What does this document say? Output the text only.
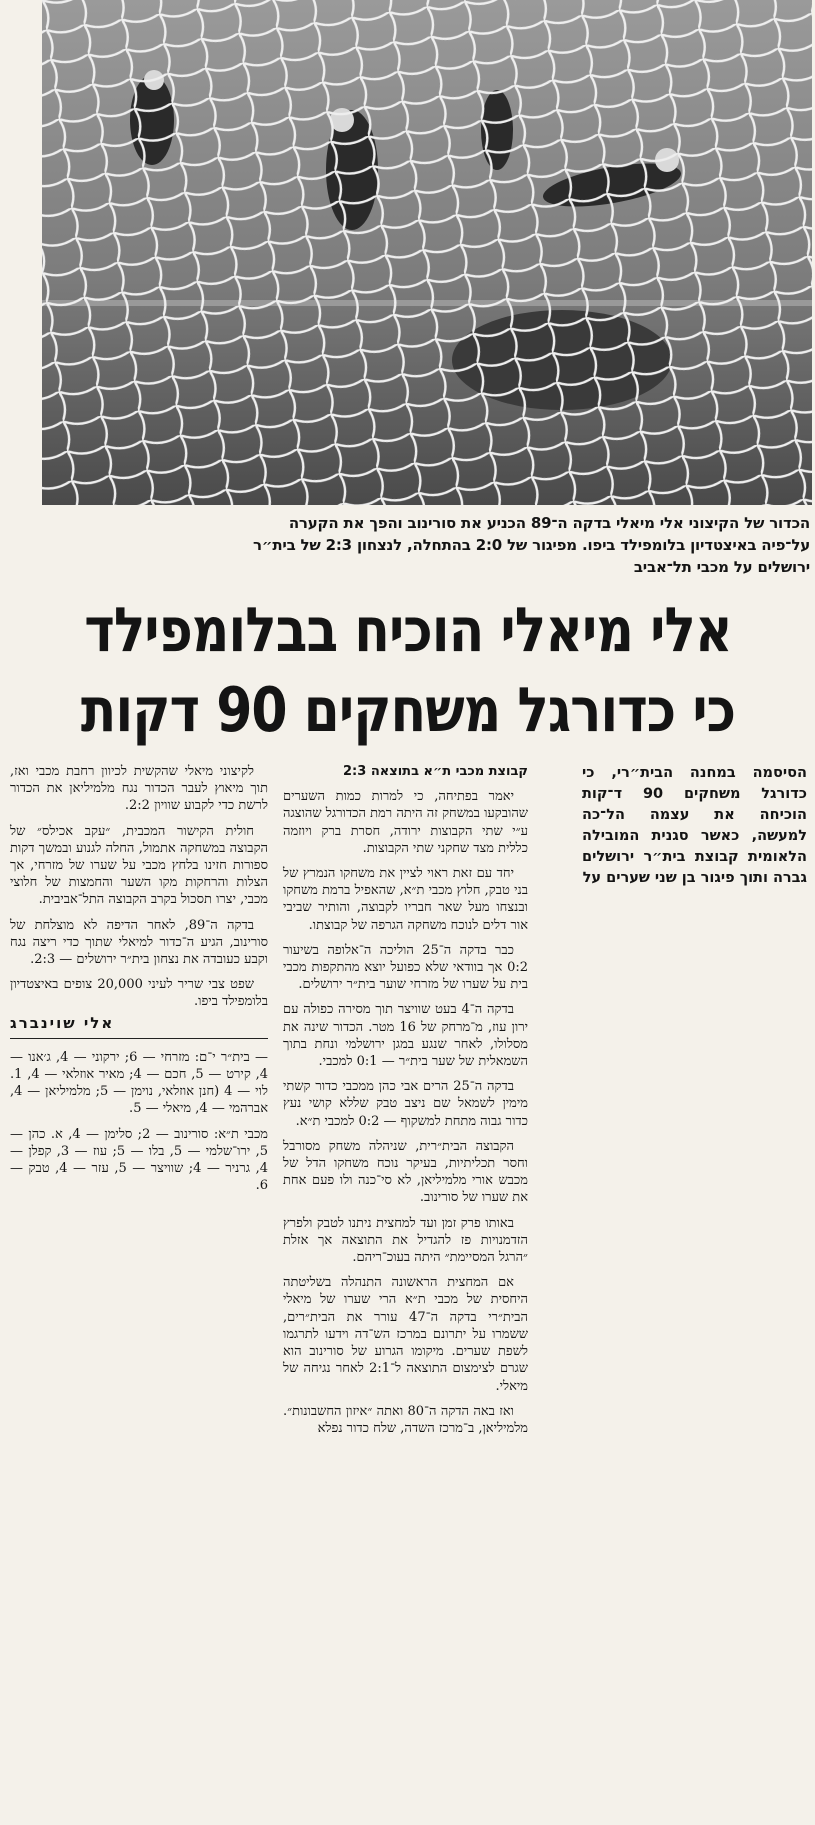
הכדור של הקיצוני אלי מיאלי בדקה ה־89 הכניע את סורינוב והפך את הקערה
על־פיה באיצטדיון בלומפילד ביפו. מפיגור של 2:0 בהתחלה, לנצחון 2:3 של בית״ר
ירושלים על מכבי תל־אביב
אלי מיאלי הוכיח בבלומפילד
כי כדורגל משחקים 90 דקות

הסיסמה במחנה הבית״רי, כי כדורגל משחקים 90 ד־קות הוכיחה את עצמה הל־כה למעשה, כאשר סגנית המובילה הלאומית קבוצת בית״ר ירושלים גברה ותוך פיגור בן שני שערים על

קבוצת מכבי ת״א בתוצאה 2:3

יאמר בפתיחה, כי למרות כמות השערים שהובקעו במשחק זה היתה רמת הכדורגל שהוצגה ע״י שתי הקבוצות ירודה, חסרת ברק ויוזמה כללית מצד שחקני שתי הקבוצות.

יחד עם זאת ראוי לציין את משחקו הנמרץ של בני טבק, חלוץ מכבי ת״א, שהאפיל ברמת משחקו ובנצחו מעל שאר חבריו לקבוצה, והותיר שביבי אור דלים לנוכח משחקה הגרפה של קבוצתו.

כבר בדקה ה־25 הוליכה ה־אלופה בשיעור 0:2 אך בוודאי שלא כפועל יוצא מהתקפות מכבי בית על שערו של מזרחי שוער בית״ר ירושלים.

בדקה ה־4 בעט שוויצר תוך מסירה כפולה עם ירון עוז, מ־מרחק של 16 מטר. הכדור שינה את מסלולו, לאחר שנגע במגן ירושלמי ונחת בתוך השמאלית של שער בית״ר — 0:1 למכבי.

בדקה ה־25 הרים אבי כהן ממכבי כדור קשתי מימין לשמאל שם ניצב טבק שללא קושי נעץ כדור גבוה מתחת למשקוף — 0:2 למכבי ת״א.

הקבוצה הבית״רית, שניהלה משחק מסורבל וחסר תכליתיות, בעיקר נוכח משחקו הדל של מכבש אורי מלמיליאן, לא סי־כנה ולו פעם אחת את שערו של סורינוב.

באותו פרק זמן ועד למחצית ניתנו לטבק ולפרץ הזדמנויות פז להגדיל את התוצאה אך אזלת ״הרגל המסיימת״ היתה בעוכ־ריהם.

אם המחצית הראשונה התנהלה בשליטתה היחסית של מכבי ת״א הרי שערו של מיאלי הבית״רי בדקה ה־47 עורר את הבית״רים, ששמרו על יתרונם במרכז הש־דה וידעו לתרגמו לשפת שערים. מיקומו הגרוע של סורינוב הוא שגרם לצימצום התוצאה ל־2:1 לאחר נגיחה של מיאלי.

ואז באה הדקה ה־80 ואתה ״איזון החשבונות״. מלמיליאן, ב־מרכז השדה, שלח כדור נפלא

לקיצוני מיאלי שהקשית לכיוון רחבת מכבי ואז, תוך מיאוץ לעבר הכדור נגח מלמיליאן את הכדור לרשת כדי לקבוע שוויון 2:2.

חולית הקישור המכבית, ״עקב אכילס״ של הקבוצה במשחקה אתמול, החלה לגנוע ובמשך דקות ספורות חזינו בלחץ מכבי על שערו של מזרחי, אך הצלות והרחקות מקו השער והחמצות של חלוצי מכבי, יצרו תסכול בקרב הקבוצה התל־אביבית.

בדקה ה־89, לאחר הדיפה לא מוצלחת של סורינוב, הגיע ה־כדור למיאלי שתוך כדי ריצה נגח וקבע כעובדה את נצחון בית״ר ירושלים — 2:3.

שפט צבי שריר לעיני 20,000 צופים באיצטדיון בלומפילד ביפו.

אלי שוינברג

— בית״ר י־ם: מזרחי — 6; ירקוני — 4, ג׳אנו — 4, קירט — 5, חכם — 4; מאיר אוזלאי — 4, 1. לוי — 4 (חנן אוזלאי, נוימן — 5; מלמיליאן — 4, אברהמי — 4, מיאלי — 5.

מכבי ת״א: סורינוב — 2; סלימן — 4, א. כהן — 5, ירו־שלמי — 5, בלו — 5; עוז — 3, קפלן — 4, גרניר — 4; שוויצר — 5, עזר — 4, טבק — 6.
